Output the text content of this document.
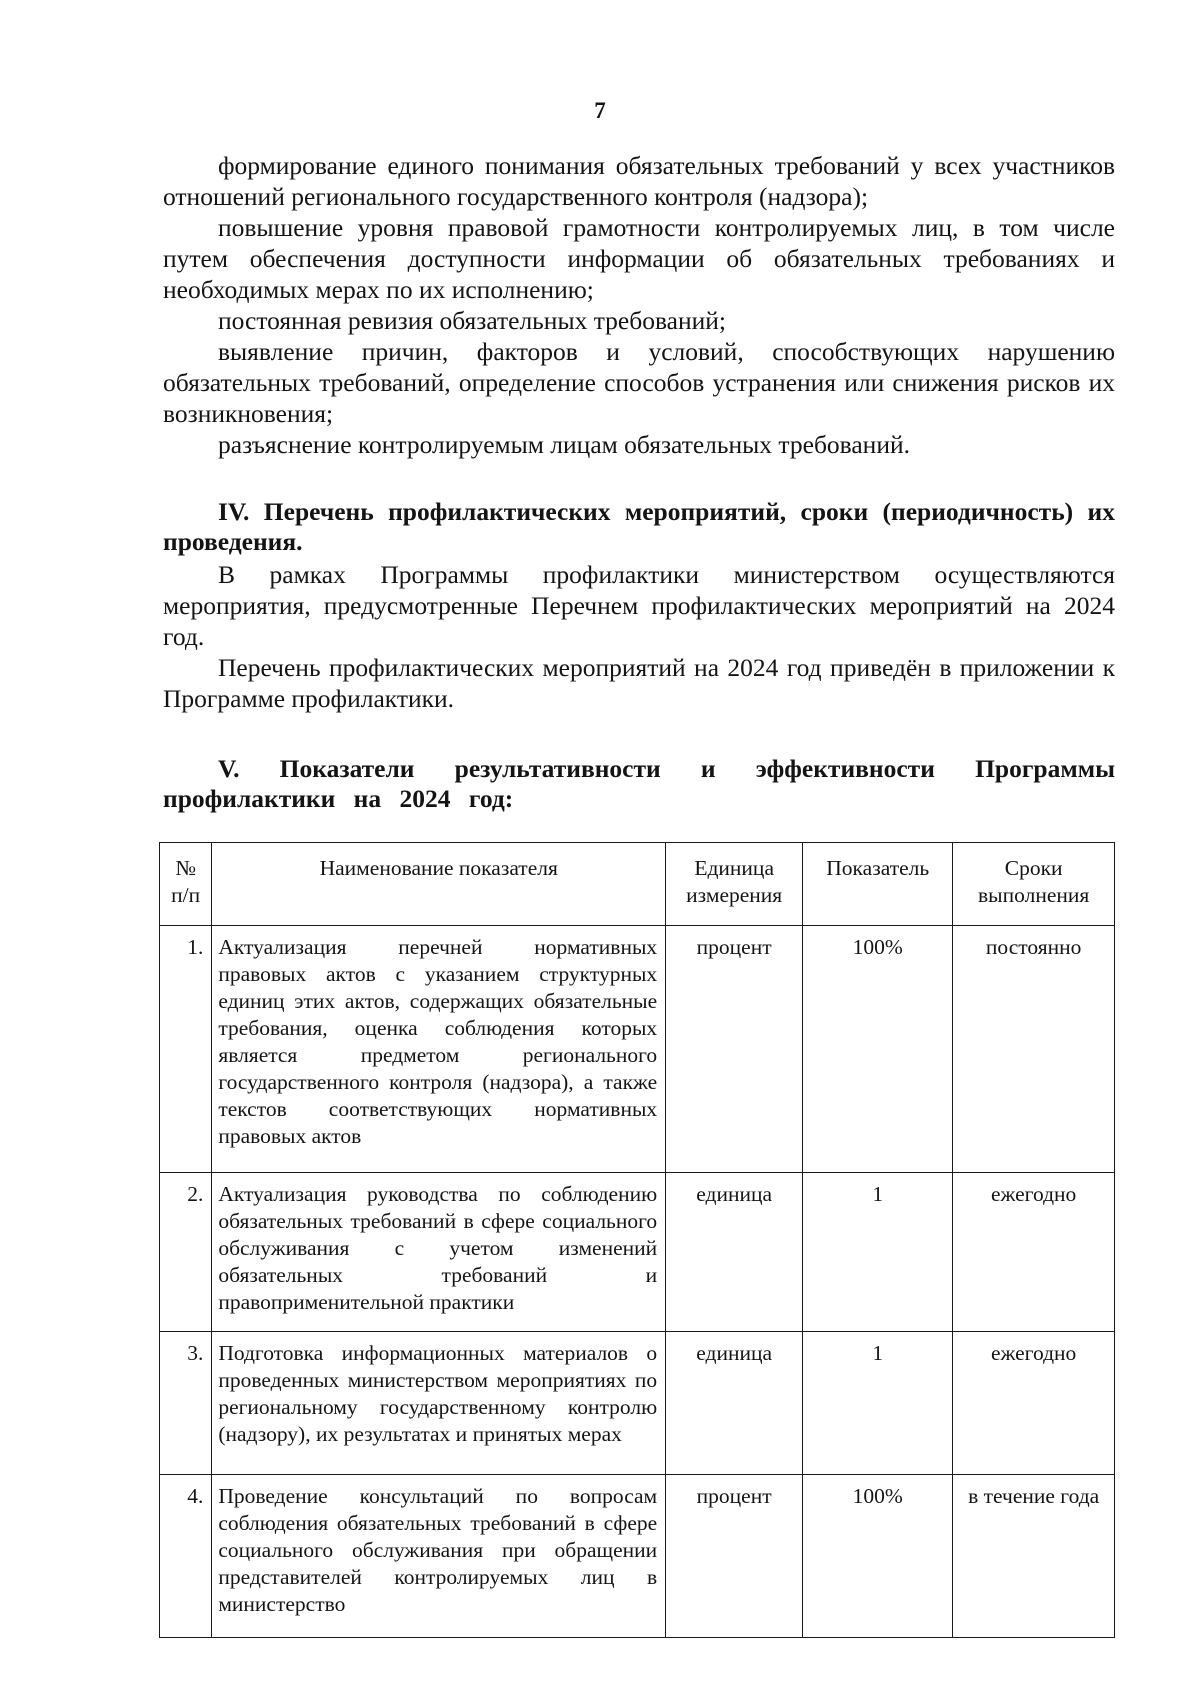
7

формирование единого понимания обязательных требований у всех участников отношений регионального государственного контроля (надзора);

повышение уровня правовой грамотности контролируемых лиц, в том числе путем обеспечения доступности информации об обязательных требованиях и необходимых мерах по их исполнению;

постоянная ревизия обязательных требований;

выявление причин, факторов и условий, способствующих нарушению обязательных требований, определение способов устранения или снижения рисков их возникновения;

разъяснение контролируемым лицам обязательных требований.

IV. Перечень профилактических мероприятий, сроки (периодичность) их проведения.

В рамках Программы профилактики министерством осуществляются мероприятия, предусмотренные Перечнем профилактических мероприятий на 2024 год.

Перечень профилактических мероприятий на 2024 год приведён в приложении к Программе профилактики.

V. Показатели результативности и эффективности Программы профилактики на 2024 год:

№ п/п	Наименование показателя	Единица измерения	Показатель	Сроки выполнения
1.	Актуализация перечней нормативных правовых актов с указанием структурных единиц этих актов, содержащих обязательные требования, оценка соблюдения которых является предметом регионального государственного контроля (надзора), а также текстов соответствующих нормативных правовых актов	процент	100%	постоянно
2.	Актуализация руководства по соблюдению обязательных требований в сфере социального обслуживания с учетом изменений обязательных требований и правоприменительной практики	единица	1	ежегодно
3.	Подготовка информационных материалов о проведенных министерством мероприятиях по региональному государственному контролю (надзору), их результатах и принятых мерах	единица	1	ежегодно
4.	Проведение консультаций по вопросам соблюдения обязательных требований в сфере социального обслуживания при обращении представителей контролируемых лиц в министерство	процент	100%	в течение года
